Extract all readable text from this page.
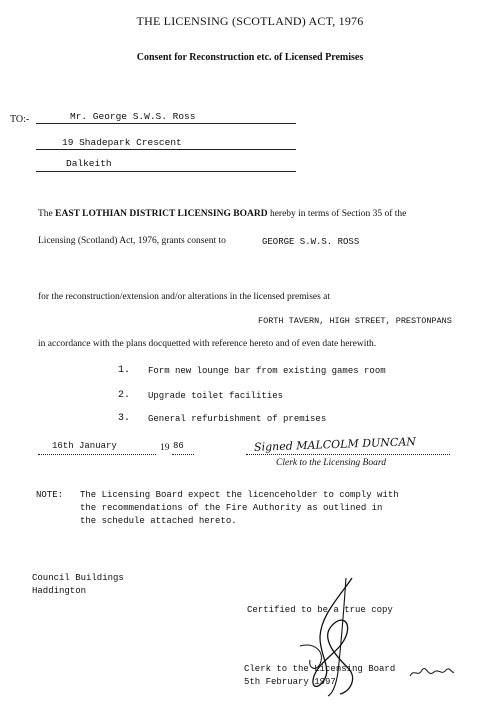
THE LICENSING (SCOTLAND) ACT, 1976
Consent for Reconstruction etc. of Licensed Premises
TO:-	Mr. George S.W.S. Ross
19 Shadepark Crescent
Dalkeith
The EAST LOTHIAN DISTRICT LICENSING BOARD hereby in terms of Section 35 of the
Licensing (Scotland) Act, 1976, grants consent to	GEORGE S.W.S. ROSS
for the reconstruction/extension and/or alterations in the licensed premises at
FORTH TAVERN, HIGH STREET, PRESTONPANS
in accordance with the plans docquetted with reference hereto and of even date herewith.
1. Form new lounge bar from existing games room
2. Upgrade toilet facilities
3. General refurbishment of premises
16th January	19 86	Signed MALCOLM DUNCAN
Clerk to the Licensing Board
NOTE: The Licensing Board expect the licenceholder to comply with
the recommendations of the Fire Authority as outlined in
the schedule attached hereto.
Council Buildings
Haddington
Certified to be a true copy
Clerk to the Licensing Board
5th February 1997
